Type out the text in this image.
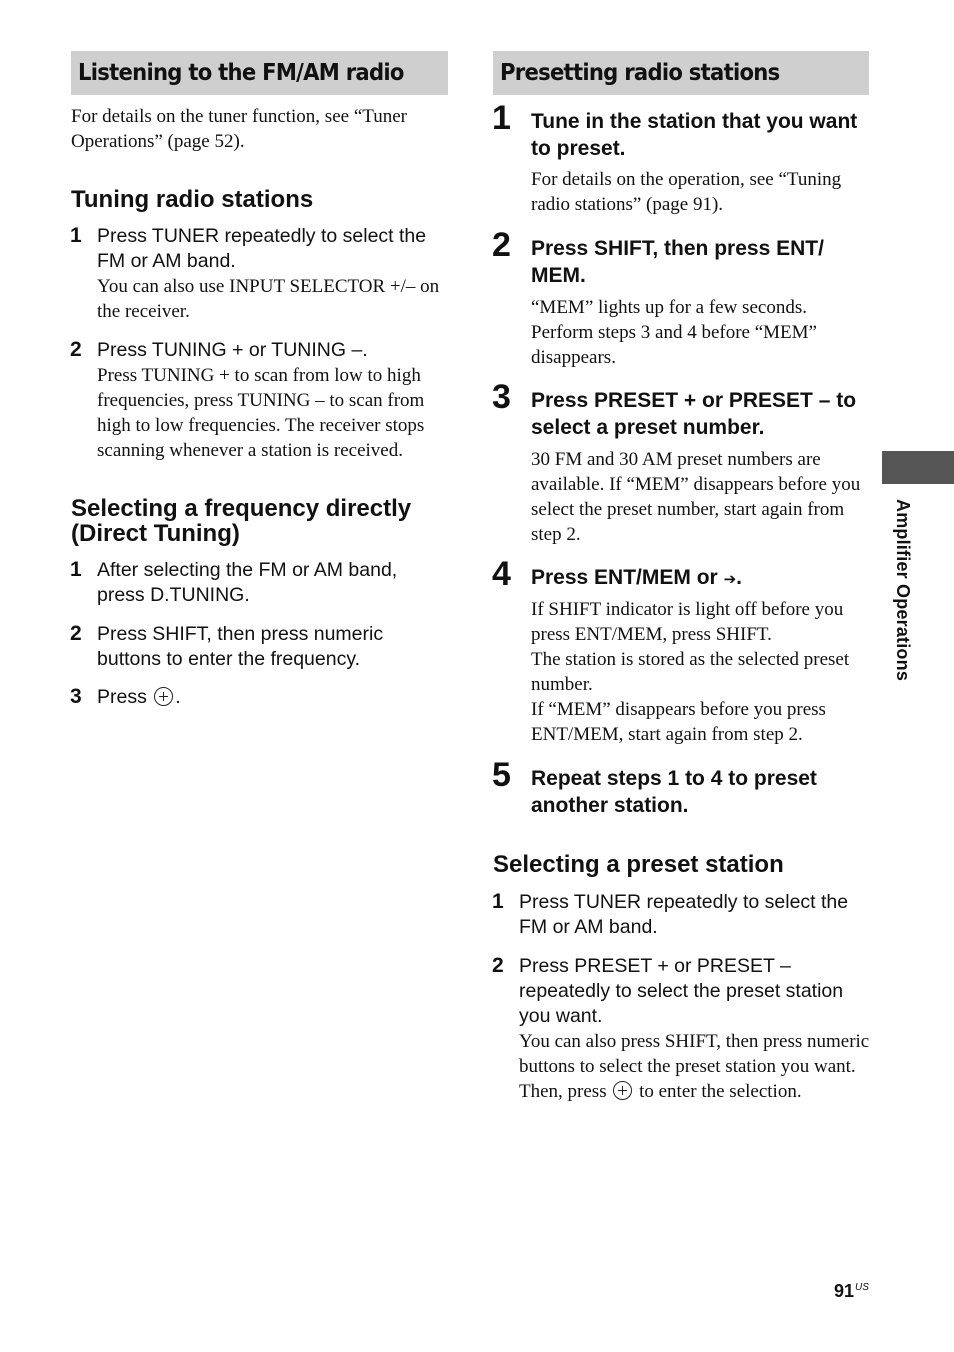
Listening to the FM/AM radio
For details on the tuner function, see “Tuner Operations” (page 52).
Tuning radio stations
1 Press TUNER repeatedly to select the FM or AM band.
You can also use INPUT SELECTOR +/– on the receiver.
2 Press TUNING + or TUNING –.
Press TUNING + to scan from low to high frequencies, press TUNING – to scan from high to low frequencies. The receiver stops scanning whenever a station is received.
Selecting a frequency directly
(Direct Tuning)
1 After selecting the FM or AM band, press D.TUNING.
2 Press SHIFT, then press numeric buttons to enter the frequency.
3 Press .
Presetting radio stations
1 Tune in the station that you want to preset.
For details on the operation, see “Tuning radio stations” (page 91).
2 Press SHIFT, then press ENT/ MEM.
“MEM” lights up for a few seconds. Perform steps 3 and 4 before “MEM” disappears.
3 Press PRESET + or PRESET – to select a preset number.
30 FM and 30 AM preset numbers are available. If “MEM” disappears before you select the preset number, start again from step 2.
4 Press ENT/MEM or ➔.
If SHIFT indicator is light off before you press ENT/MEM, press SHIFT.
The station is stored as the selected preset number.
If “MEM” disappears before you press ENT/MEM, start again from step 2.
5 Repeat steps 1 to 4 to preset another station.
Selecting a preset station
1 Press TUNER repeatedly to select the FM or AM band.
2 Press PRESET + or PRESET – repeatedly to select the preset station you want.
You can also press SHIFT, then press numeric buttons to select the preset station you want. Then, press to enter the selection.
Amplifier Operations
$91^{US}$
